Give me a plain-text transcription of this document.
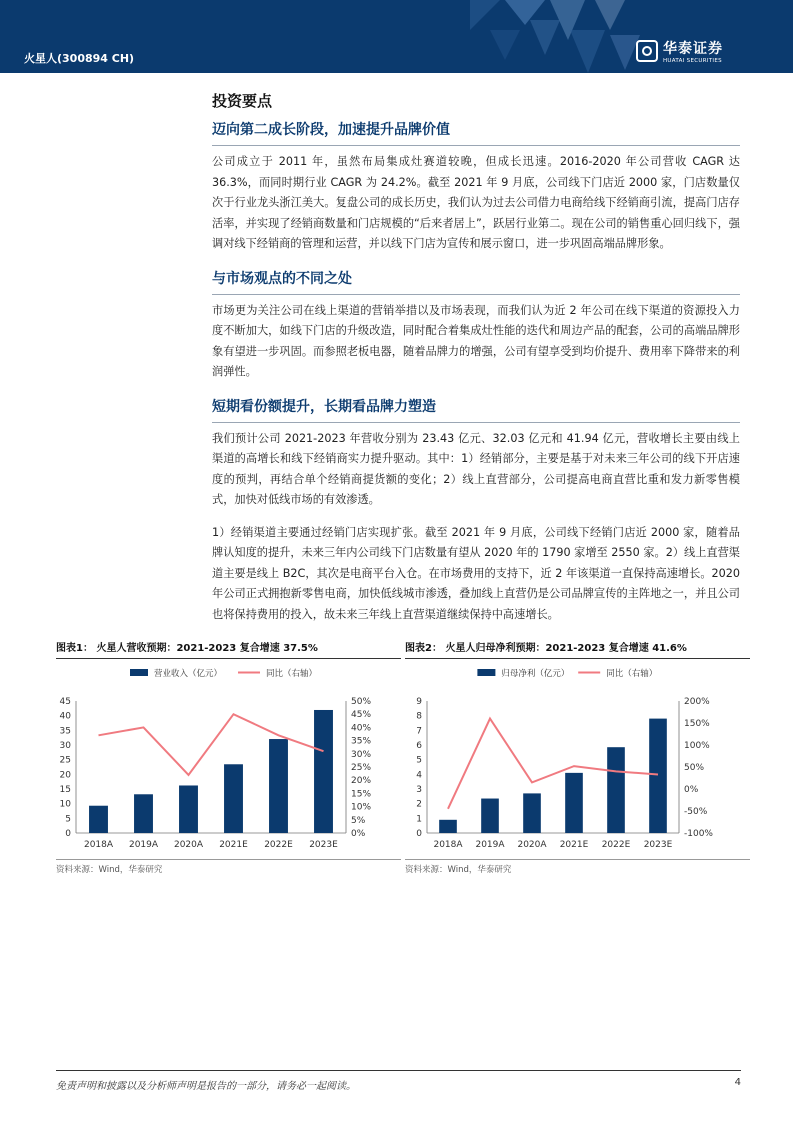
火星人(300894 CH)
华泰证券
HUATAI SECURITIES
投资要点
迈向第二成长阶段，加速提升品牌价值

公司成立于 2011 年，虽然布局集成灶赛道较晚，但成长迅速。2016-2020 年公司营收 CAGR 达 36.3%，而同时期行业 CAGR 为 24.2%。截至 2021 年 9 月底，公司线下门店近 2000 家，门店数量仅次于行业龙头浙江美大。复盘公司的成长历史，我们认为过去公司借力电商给线下经销商引流，提高门店存活率，并实现了经销商数量和门店规模的“后来者居上”，跃居行业第二。现在公司的销售重心回归线下，强调对线下经销商的管理和运营，并以线下门店为宣传和展示窗口，进一步巩固高端品牌形象。

与市场观点的不同之处

市场更为关注公司在线上渠道的营销举措以及市场表现，而我们认为近 2 年公司在线下渠道的资源投入力度不断加大，如线下门店的升级改造，同时配合着集成灶性能的迭代和周边产品的配套，公司的高端品牌形象有望进一步巩固。而参照老板电器，随着品牌力的增强，公司有望享受到均价提升、费用率下降带来的利润弹性。

短期看份额提升，长期看品牌力塑造

我们预计公司 2021-2023 年营收分别为 23.43 亿元、32.03 亿元和 41.94 亿元，营收增长主要由线上渠道的高增长和线下经销商实力提升驱动。其中：1）经销部分，主要是基于对未来三年公司的线下开店速度的预判，再结合单个经销商提货额的变化；2）线上直营部分，公司提高电商直营比重和发力新零售模式，加快对低线市场的有效渗透。

1）经销渠道主要通过经销门店实现扩张。截至 2021 年 9 月底，公司线下经销门店近 2000 家，随着品牌认知度的提升，未来三年内公司线下门店数量有望从 2020 年的 1790 家增至 2550 家。2）线上直营渠道主要是线上 B2C，其次是电商平台入仓。在市场费用的支持下，近 2 年该渠道一直保持高速增长。2020 年公司正式拥抱新零售电商，加快低线城市渗透，叠加线上直营仍是公司品牌宣传的主阵地之一，并且公司也将保持费用的投入，故未来三年线上直营渠道继续保持中高速增长。

图表1： 火星人营收预期：2021-2023 复合增速 37.5%
0
5
10
15
20
25
30
35
40
45
0%
5%
10%
15%
20%
25%
30%
35%
40%
45%
50%
2018A 2019A 2020A 2021E 2022E 2023E
营业收入（亿元）	同比（右轴）
资料来源：Wind，华泰研究
图表2： 火星人归母净利预期：2021-2023 复合增速 41.6%
0
1
2
3
4
5
6
7
8
9
-100%
-50%
0%
50%
100%
150%
200%
2018A 2019A 2020A 2021E 2022E 2023E
归母净利（亿元）	同比（右轴）
资料来源：Wind，华泰研究
免责声明和披露以及分析师声明是报告的一部分，请务必一起阅读。	4
